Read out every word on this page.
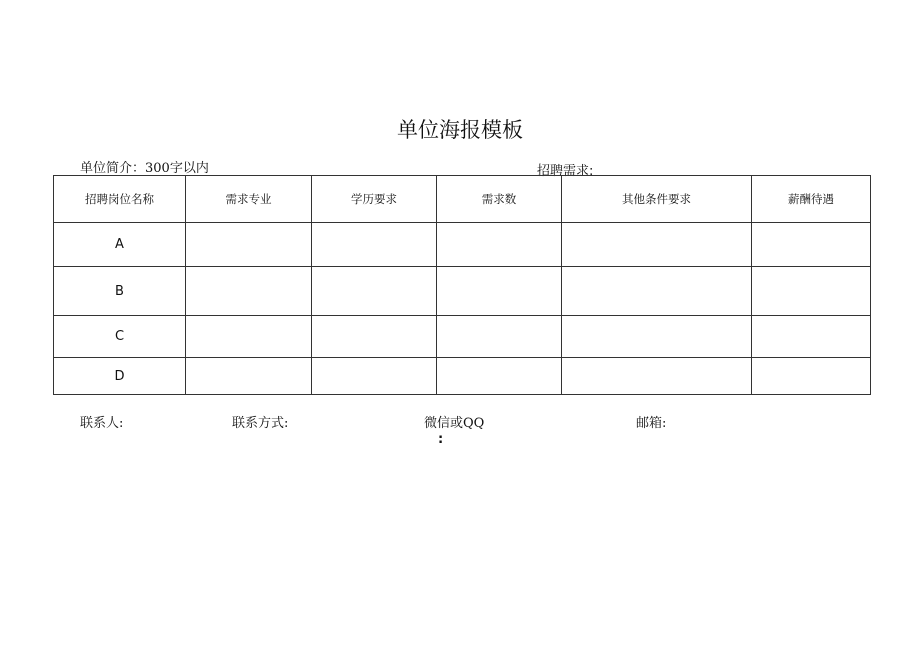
单位海报模板
单位简介：300字以内	招聘需求:
招聘岗位名称	需求专业	学历要求	需求数	其他条件要求	薪酬待遇
A					
B					
C					
D					
联系人:	联系方式:	微信或QQ	邮箱:
:
